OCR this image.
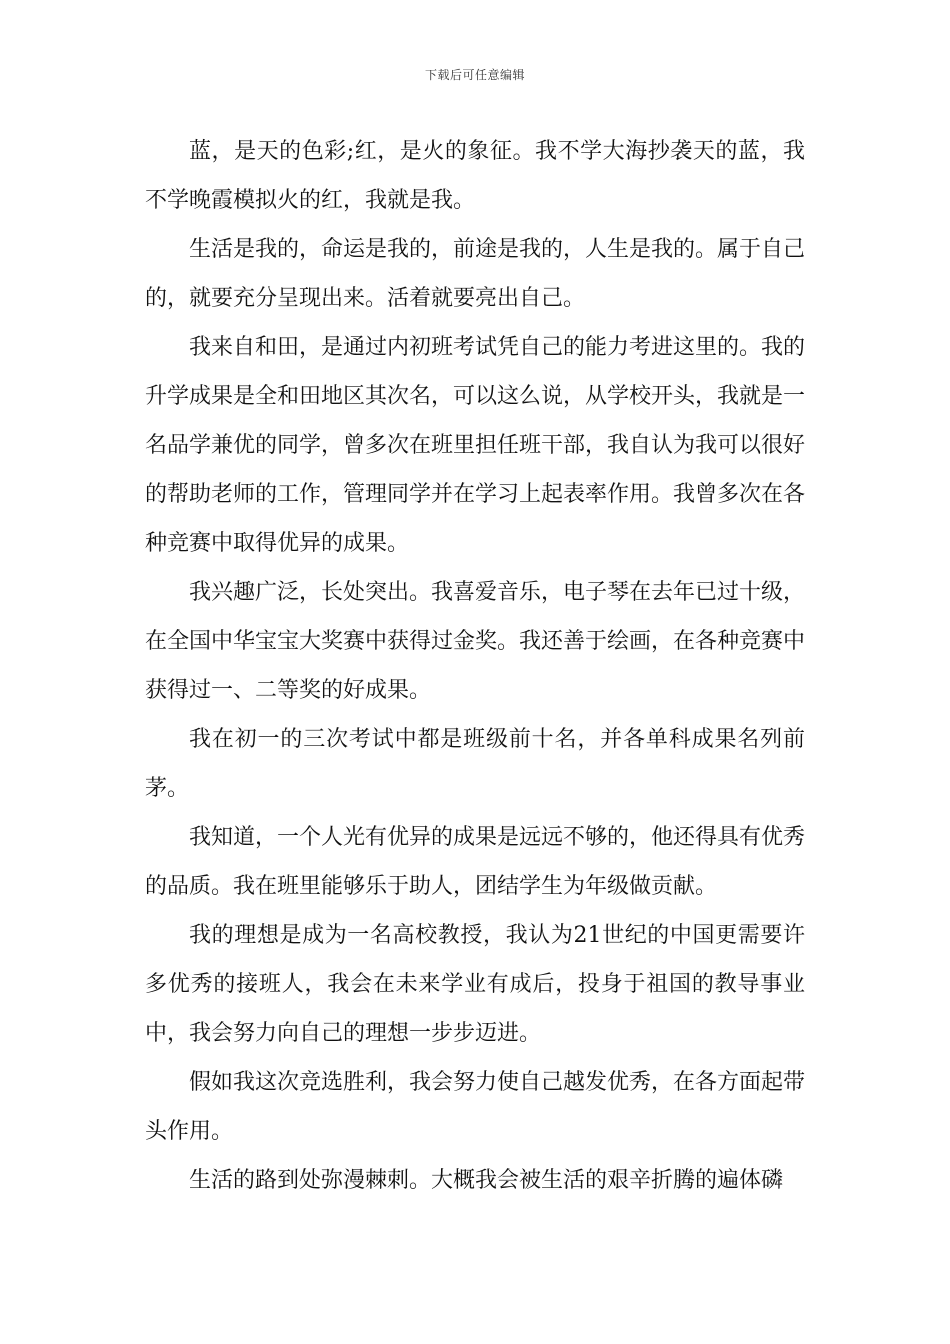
下载后可任意编辑

蓝，是天的色彩;红，是火的象征。我不学大海抄袭天的蓝，我不学晚霞模拟火的红，我就是我。

生活是我的，命运是我的，前途是我的，人生是我的。属于自己的，就要充分呈现出来。活着就要亮出自己。

我来自和田，是通过内初班考试凭自己的能力考进这里的。我的升学成果是全和田地区其次名，可以这么说，从学校开头，我就是一名品学兼优的同学，曾多次在班里担任班干部，我自认为我可以很好的帮助老师的工作，管理同学并在学习上起表率作用。我曾多次在各种竞赛中取得优异的成果。

我兴趣广泛，长处突出。我喜爱音乐，电子琴在去年已过十级，在全国中华宝宝大奖赛中获得过金奖。我还善于绘画，在各种竞赛中获得过一、二等奖的好成果。

我在初一的三次考试中都是班级前十名，并各单科成果名列前茅。

我知道，一个人光有优异的成果是远远不够的，他还得具有优秀的品质。我在班里能够乐于助人，团结学生为年级做贡献。

我的理想是成为一名高校教授，我认为21世纪的中国更需要许多优秀的接班人，我会在未来学业有成后，投身于祖国的教导事业中，我会努力向自己的理想一步步迈进。

假如我这次竞选胜利，我会努力使自己越发优秀，在各方面起带头作用。

生活的路到处弥漫棘刺。大概我会被生活的艰辛折腾的遍体磷
